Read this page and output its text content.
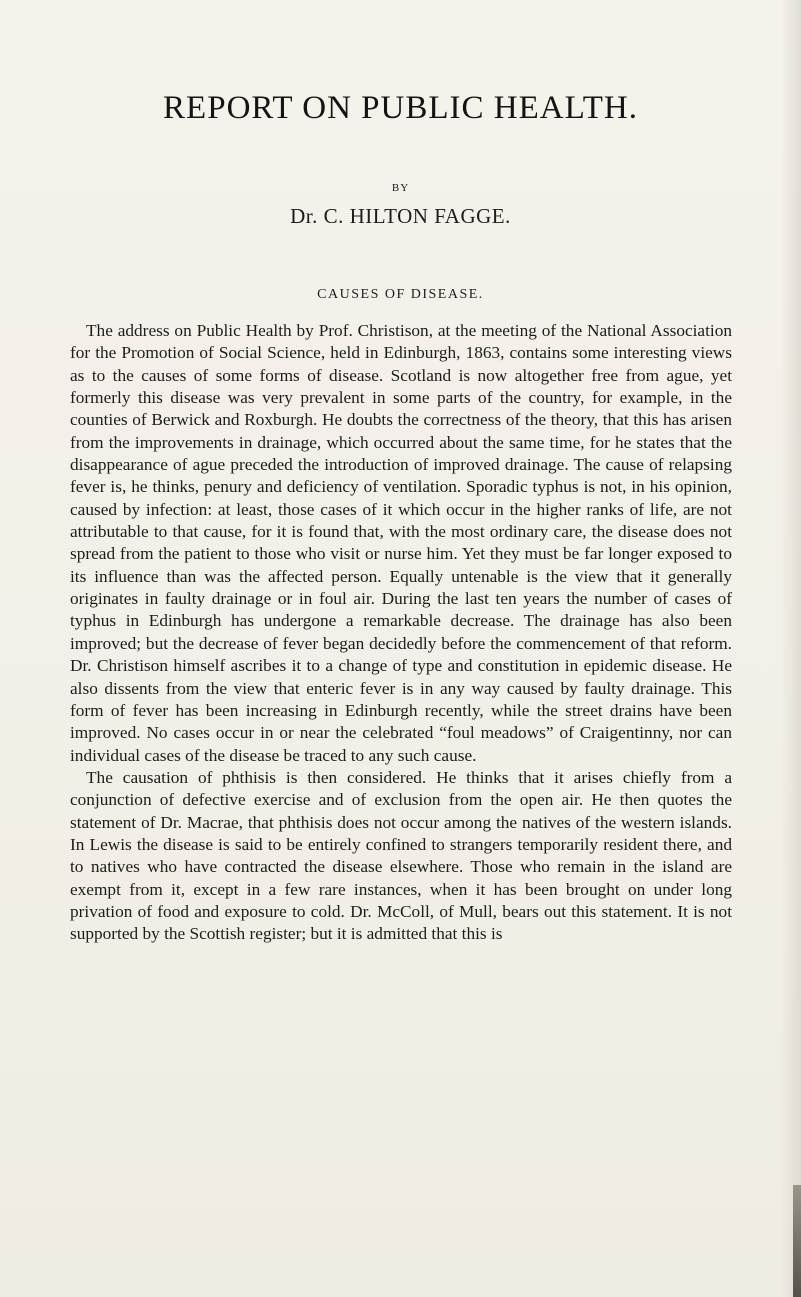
REPORT ON PUBLIC HEALTH.
BY
Dr. C. HILTON FAGGE.
CAUSES OF DISEASE.

The address on Public Health by Prof. Christison, at the meeting of the National Association for the Promotion of Social Science, held in Edinburgh, 1863, contains some interesting views as to the causes of some forms of disease. Scotland is now altogether free from ague, yet formerly this disease was very prevalent in some parts of the country, for example, in the counties of Berwick and Roxburgh. He doubts the correctness of the theory, that this has arisen from the improvements in drainage, which occurred about the same time, for he states that the disappearance of ague preceded the introduction of improved drainage. The cause of relapsing fever is, he thinks, penury and deficiency of ventilation. Sporadic typhus is not, in his opinion, caused by infection: at least, those cases of it which occur in the higher ranks of life, are not attributable to that cause, for it is found that, with the most ordinary care, the disease does not spread from the patient to those who visit or nurse him. Yet they must be far longer exposed to its influence than was the affected person. Equally untenable is the view that it generally originates in faulty drainage or in foul air. During the last ten years the number of cases of typhus in Edinburgh has undergone a remarkable decrease. The drainage has also been improved; but the decrease of fever began decidedly before the commencement of that reform. Dr. Christison himself ascribes it to a change of type and constitution in epidemic disease. He also dissents from the view that enteric fever is in any way caused by faulty drainage. This form of fever has been increasing in Edinburgh recently, while the street drains have been improved. No cases occur in or near the celebrated “foul meadows” of Craigentinny, nor can individual cases of the disease be traced to any such cause.

The causation of phthisis is then considered. He thinks that it arises chiefly from a conjunction of defective exercise and of exclusion from the open air. He then quotes the statement of Dr. Macrae, that phthisis does not occur among the natives of the western islands. In Lewis the disease is said to be entirely confined to strangers temporarily resident there, and to natives who have contracted the disease elsewhere. Those who remain in the island are exempt from it, except in a few rare instances, when it has been brought on under long privation of food and exposure to cold. Dr. McColl, of Mull, bears out this statement. It is not supported by the Scottish register; but it is admitted that this is
